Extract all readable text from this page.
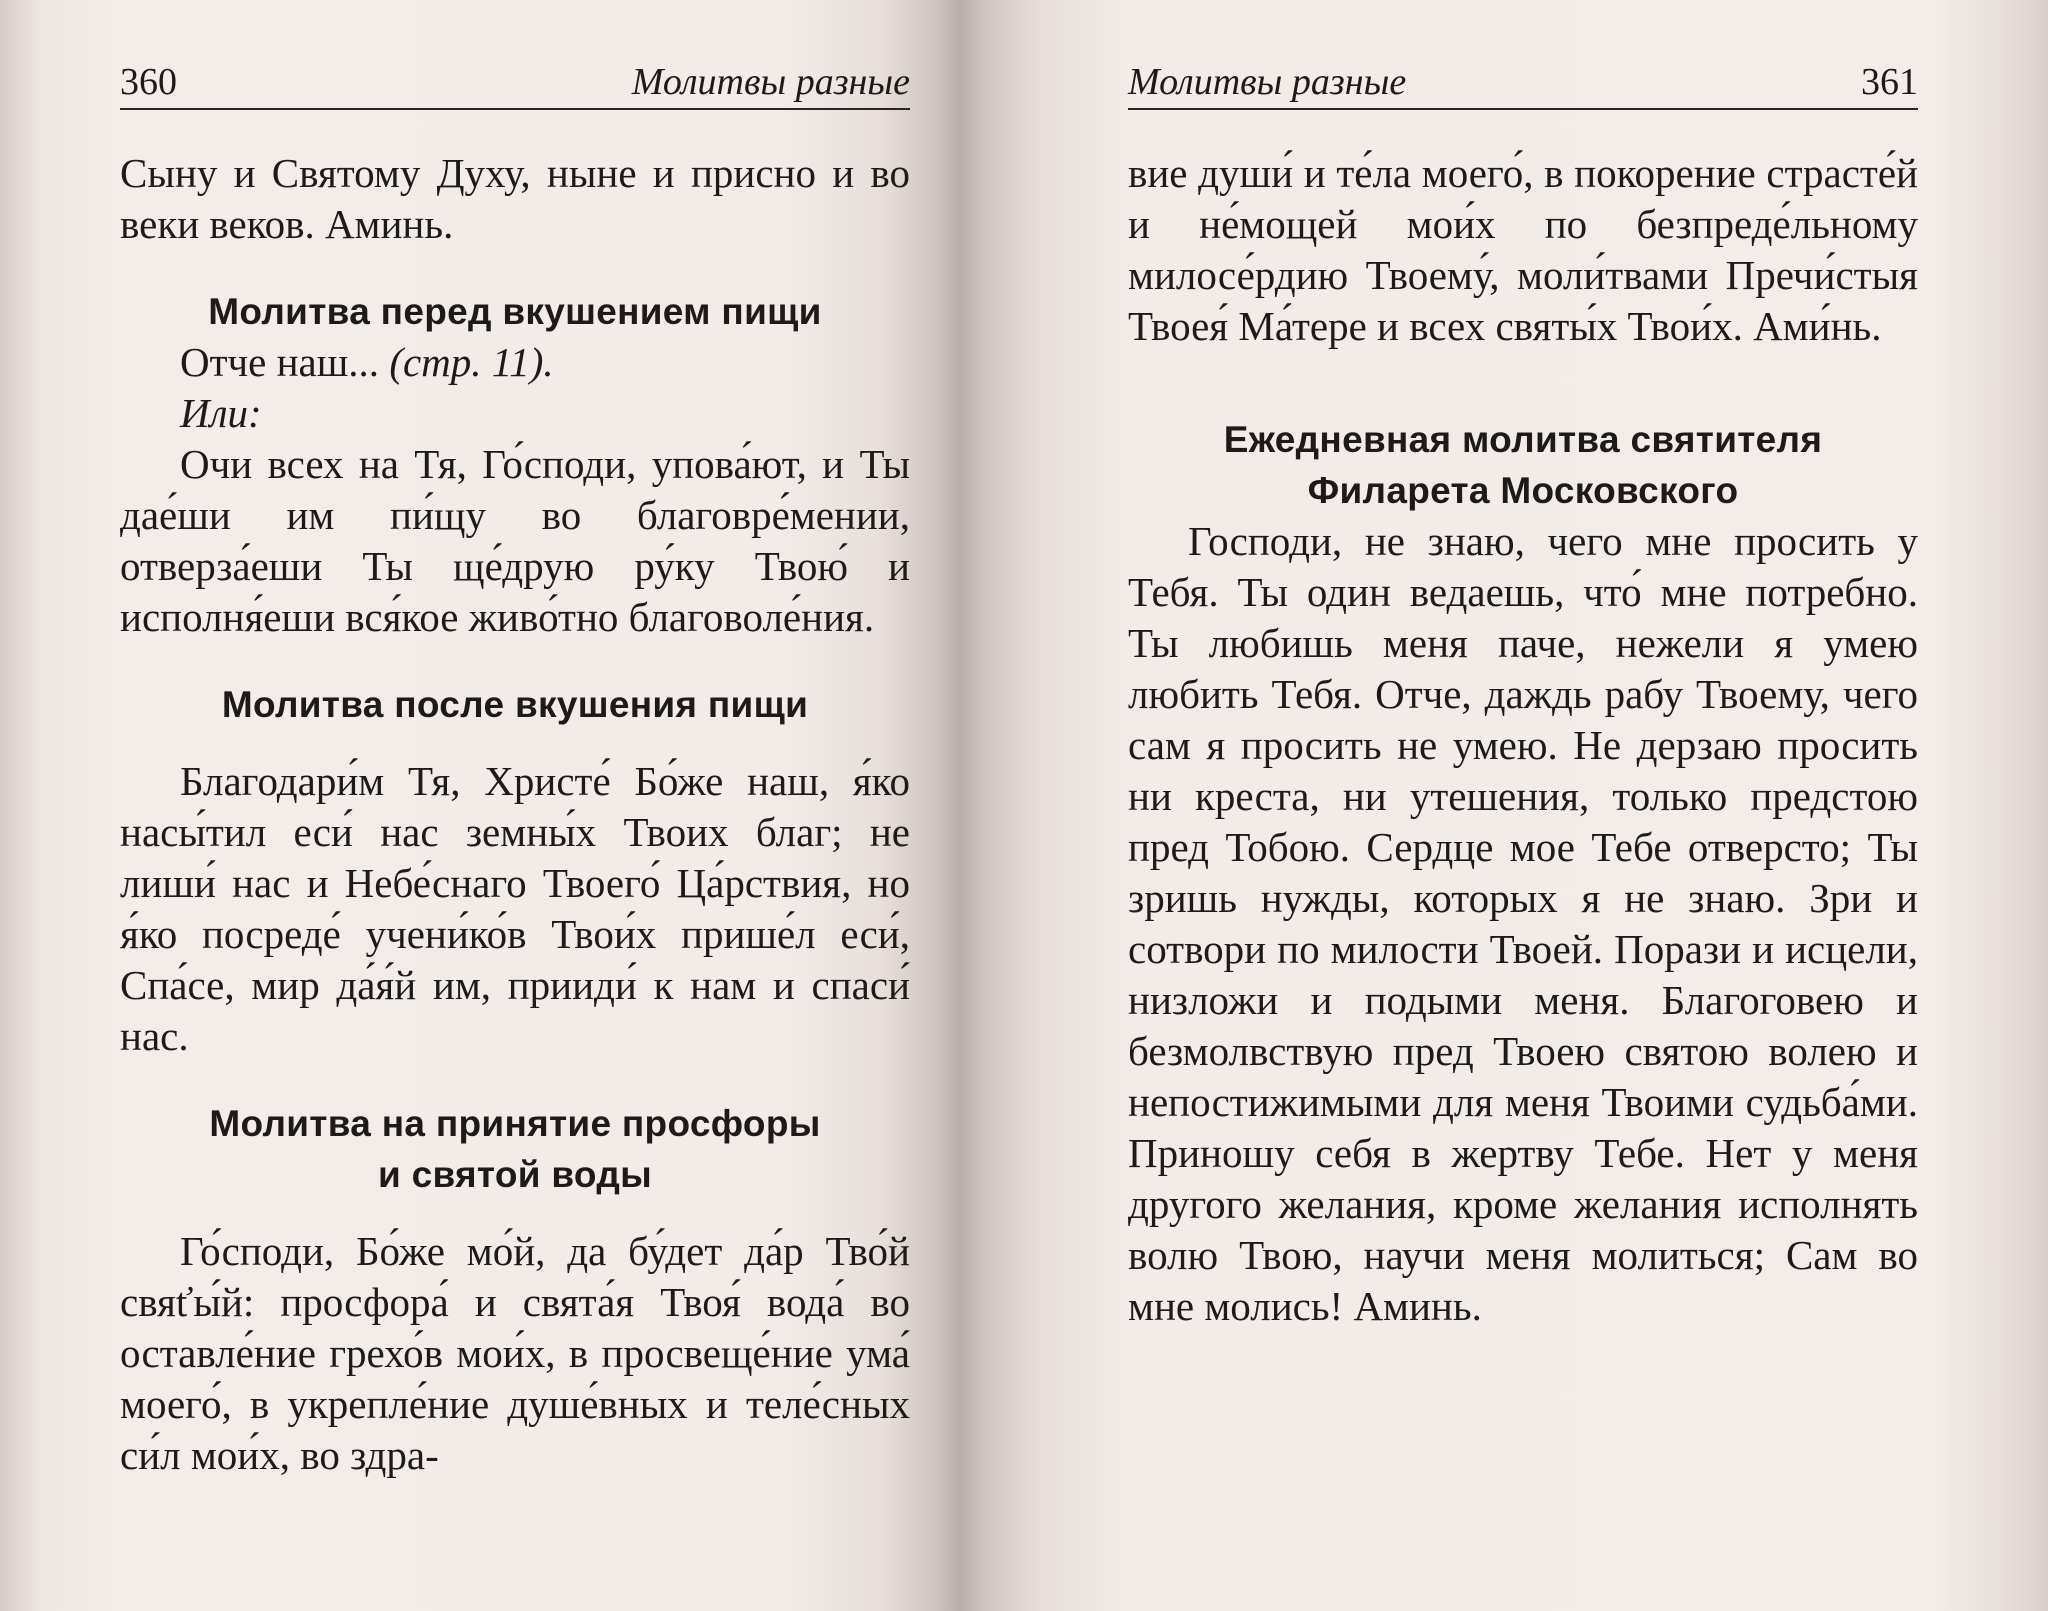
360	Молитвы разные

Сыну и Святому Духу, ныне и присно и во веки веков. Аминь.

Молитва перед вкушением пищи

Отче наш... (стр. 11).

Или:

Очи всех на Тя, Го́споди, упова́ют, и Ты дае́ши им пи́щу во благовре́мении, отверза́еши Ты ще́друю ру́ку Твою́ и исполня́еши вся́кое живо́тно благоволе́ния.

Молитва после вкушения пищи

Благодари́м Тя, Христе́ Бо́же наш, я́ко насы́тил еси́ нас земны́х Твоих благ; не лиши́ нас и Небе́снаго Твоего́ Ца́рствия, но я́ко посреде́ учени́ко́в Твои́х прише́л еси́, Спа́се, мир да́я́й им, прииди́ к нам и спаси́ нас.

Молитва на принятие просфоры

и святой воды

Го́споди, Бо́же мо́й, да бу́дет да́р Тво́й свяťы́й: просфора́ и свята́я Твоя́ вода́ во оставле́ние грехо́в мои́х, в просвеще́ние ума́ моего́, в укрепле́ние душе́вных и теле́сных си́л мои́х, во здра-

Молитвы разные	361

вие души́ и те́ла моего́, в покорение страсте́й и не́мощей мои́х по безпреде́льному милосе́рдию Твоему́, моли́твами Пречи́стыя Твоея́ Ма́тере и всех святы́х Твои́х. Ами́нь.

Ежедневная молитва святителя

Филарета Московского

Господи, не знаю, чего мне просить у Тебя. Ты один ведаешь, что́ мне потребно. Ты любишь меня паче, нежели я умею любить Тебя. Отче, даждь рабу Твоему, чего сам я просить не умею. Не дерзаю просить ни креста, ни утешения, только предстою пред Тобою. Сердце мое Тебе отверсто; Ты зришь нужды, которых я не знаю. Зри и сотвори по милости Твоей. Порази и исцели, низложи и подыми меня. Благоговею и безмолвствую пред Твоею святою волею и непостижимыми для меня Твоими судьба́ми. Приношу себя в жертву Тебе. Нет у меня другого желания, кроме желания исполнять волю Твою, научи меня молиться; Сам во мне молись! Аминь.
